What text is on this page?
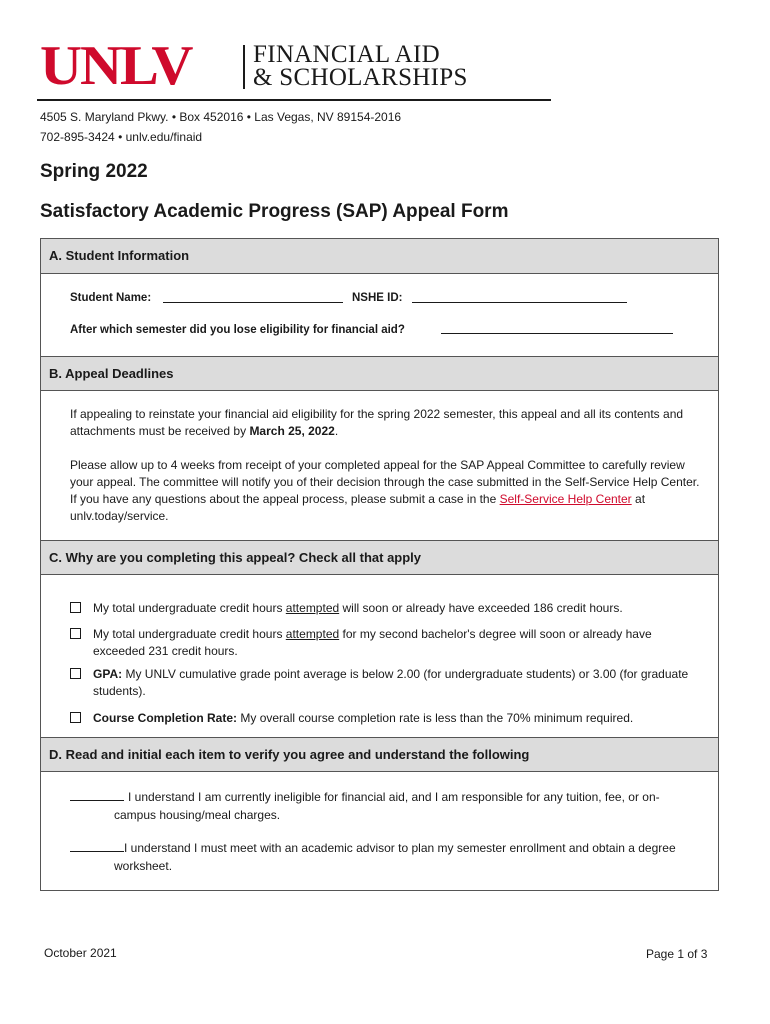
UNLV FINANCIAL AID
& SCHOLARSHIPS
4505 S. Maryland Pkwy. • Box 452016 • Las Vegas, NV 89154-2016
702-895-3424 • unlv.edu/finaid
Spring 2022
Satisfactory Academic Progress (SAP) Appeal Form
A. Student Information
Student Name:	NSHE ID:
After which semester did you lose eligibility for financial aid?
B. Appeal Deadlines
If appealing to reinstate your financial aid eligibility for the spring 2022 semester, this appeal and all its contents and attachments must be received by March 25, 2022.
Please allow up to 4 weeks from receipt of your completed appeal for the SAP Appeal Committee to carefully review your appeal. The committee will notify you of their decision through the case submitted in the Self-Service Help Center. If you have any questions about the appeal process, please submit a case in the Self-Service Help Center at unlv.today/service.
C. Why are you completing this appeal? Check all that apply
My total undergraduate credit hours attempted will soon or already have exceeded 186 credit hours.
My total undergraduate credit hours attempted for my second bachelor's degree will soon or already have exceeded 231 credit hours.
GPA: My UNLV cumulative grade point average is below 2.00 (for undergraduate students) or 3.00 (for graduate students).
Course Completion Rate: My overall course completion rate is less than the 70% minimum required.
D. Read and initial each item to verify you agree and understand the following
I understand I am currently ineligible for financial aid, and I am responsible for any tuition, fee, or on-
campus housing/meal charges.
I understand I must meet with an academic advisor to plan my semester enrollment and obtain a degree
worksheet.
October 2021	Page 1 of 3
